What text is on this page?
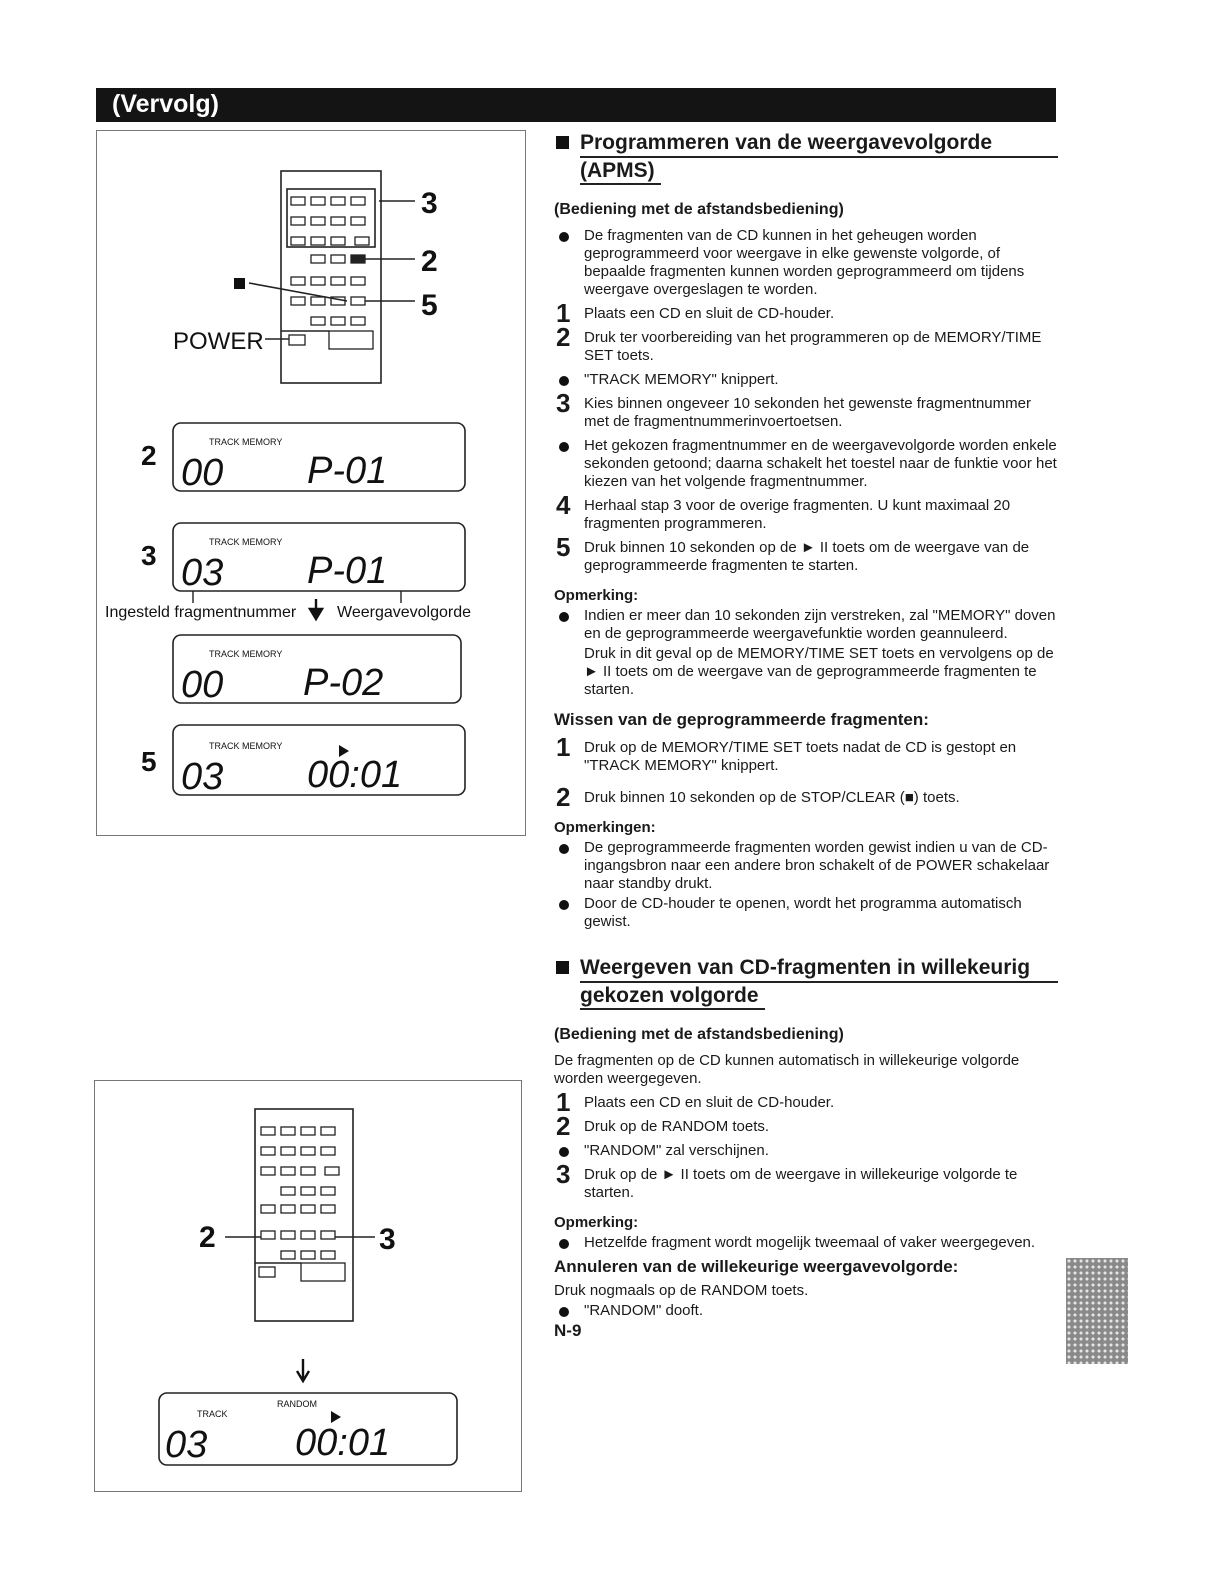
(Vervolg)
3
2
5
POWER
2	TRACK MEMORY
00 P-01
3	TRACK MEMORY
03 P-01
Ingesteld fragmentnummer	Weergavevolgorde
TRACK MEMORY
00 P-02
5	TRACK MEMORY
03 00:01
2	3
TRACK
RANDOM
03 00:01
Programmeren van de weergavevolgorde
(APMS)
(Bediening met de afstandsbediening)
De fragmenten van de CD kunnen in het geheugen worden geprogrammeerd voor weergave in elke gewenste volgorde, of bepaalde fragmenten kunnen worden geprogrammeerd om tijdens weergave overgeslagen te worden.
1 Plaats een CD en sluit de CD-houder.
2 Druk ter voorbereiding van het programmeren op de MEMORY/TIME SET toets.
"TRACK MEMORY" knippert.
3 Kies binnen ongeveer 10 sekonden het gewenste fragmentnummer met de fragmentnummerinvoertoetsen.
Het gekozen fragmentnummer en de weergavevolgorde worden enkele sekonden getoond; daarna schakelt het toestel naar de funktie voor het kiezen van het volgende fragmentnummer.
4 Herhaal stap 3 voor de overige fragmenten. U kunt maximaal 20 fragmenten programmeren.
5 Druk binnen 10 sekonden op de ► II toets om de weergave van de geprogrammeerde fragmenten te starten.
Opmerking:
Indien er meer dan 10 sekonden zijn verstreken, zal "MEMORY" doven en de geprogrammeerde weergavefunktie worden geannuleerd.

Druk in dit geval op de MEMORY/TIME SET toets en vervolgens op de ► II toets om de weergave van de geprogrammeerde fragmenten te starten.

Wissen van de geprogrammeerde fragmenten:
1 Druk op de MEMORY/TIME SET toets nadat de CD is gestopt en "TRACK MEMORY" knippert.
2 Druk binnen 10 sekonden op de STOP/CLEAR (■) toets.
Opmerkingen:
De geprogrammeerde fragmenten worden gewist indien u van de CD-ingangsbron naar een andere bron schakelt of de POWER schakelaar naar standby drukt.
Door de CD-houder te openen, wordt het programma automatisch gewist.
Weergeven van CD-fragmenten in willekeurig
gekozen volgorde
(Bediening met de afstandsbediening)
De fragmenten op de CD kunnen automatisch in willekeurige volgorde worden weergegeven.
1 Plaats een CD en sluit de CD-houder.
2 Druk op de RANDOM toets.
"RANDOM" zal verschijnen.
3 Druk op de ► II toets om de weergave in willekeurige volgorde te starten.
Opmerking:
Hetzelfde fragment wordt mogelijk tweemaal of vaker weergegeven.
Annuleren van de willekeurige weergavevolgorde:
Druk nogmaals op de RANDOM toets.
"RANDOM" dooft.
N-9
